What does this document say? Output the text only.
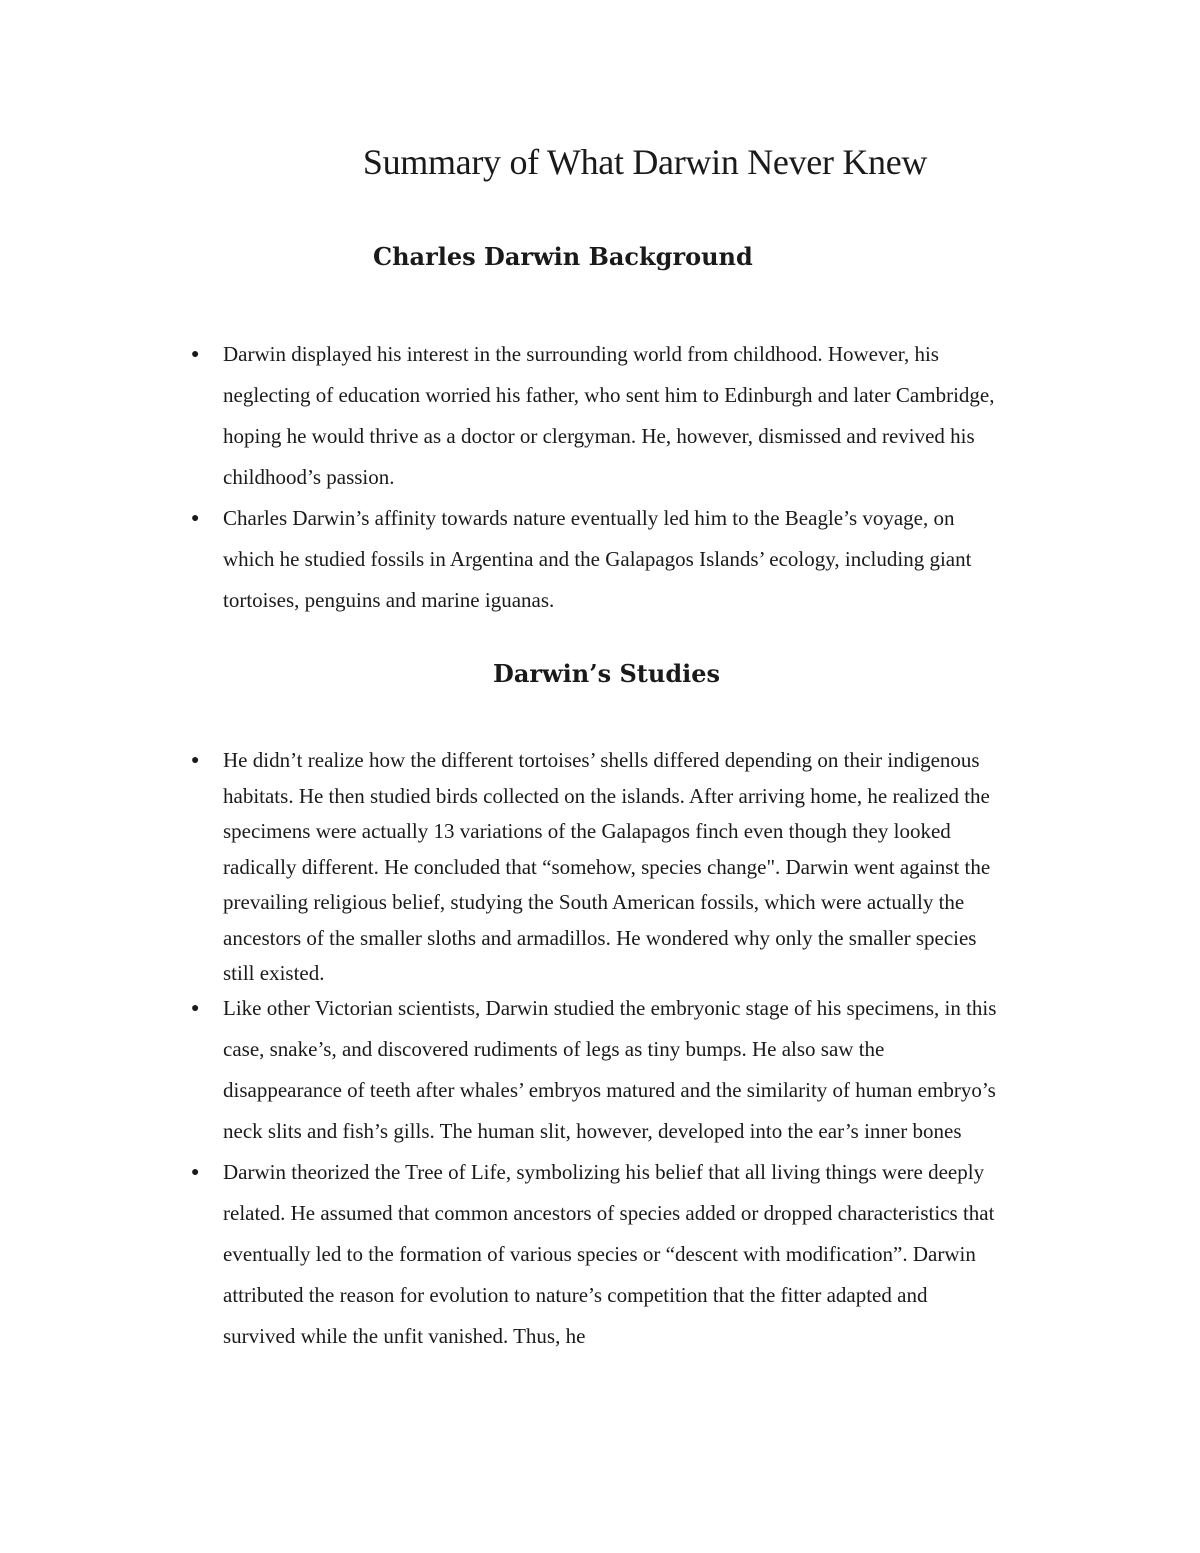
Summary of What Darwin Never Knew
Charles Darwin Background
● Darwin displayed his interest in the surrounding world from childhood. However, his neglecting of education worried his father, who sent him to Edinburgh and later Cambridge, hoping he would thrive as a doctor or clergyman. He, however, dismissed and revived his childhood’s passion.
● Charles Darwin’s affinity towards nature eventually led him to the Beagle’s voyage, on which he studied fossils in Argentina and the Galapagos Islands’ ecology, including giant tortoises, penguins and marine iguanas.
Darwin’s Studies
● He didn’t realize how the different tortoises’ shells differed depending on their indigenous habitats. He then studied birds collected on the islands. After arriving home, he realized the specimens were actually 13 variations of the Galapagos finch even though they looked radically different. He concluded that “somehow, species change". Darwin went against the prevailing religious belief, studying the South American fossils, which were actually the ancestors of the smaller sloths and armadillos. He wondered why only the smaller species still existed.
● Like other Victorian scientists, Darwin studied the embryonic stage of his specimens, in this case, snake’s, and discovered rudiments of legs as tiny bumps. He also saw the disappearance of teeth after whales’ embryos matured and the similarity of human embryo’s neck slits and fish’s gills. The human slit, however, developed into the ear’s inner bones
● Darwin theorized the Tree of Life, symbolizing his belief that all living things were deeply related. He assumed that common ancestors of species added or dropped characteristics that eventually led to the formation of various species or “descent with modification”. Darwin attributed the reason for evolution to nature’s competition that the fitter adapted and survived while the unfit vanished. Thus, he
